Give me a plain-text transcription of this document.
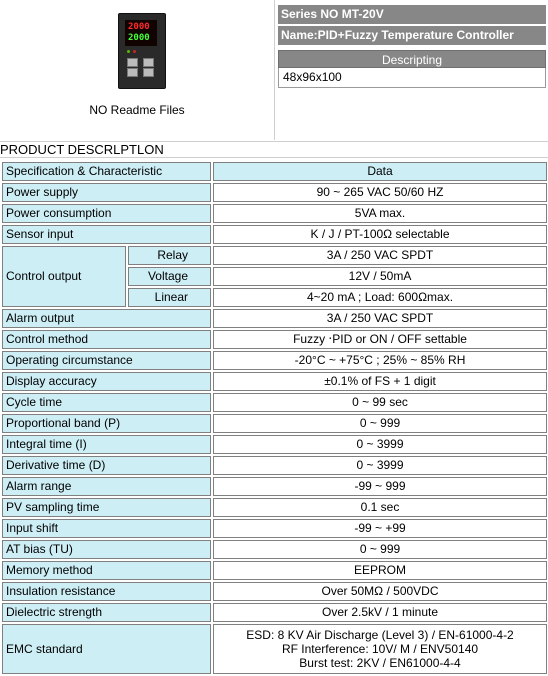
2000
2000
NO Readme Files
Series NO MT-20V
Name:PID+Fuzzy Temperature Controller
Descripting
48x96x100
PRODUCT DESCRLPTLON
Specification & Characteristic		Data
Power supply		90 ~ 265 VAC 50/60 HZ
Power consumption		5VA max.
Sensor input		K / J / PT-100Ω selectable
Control output	Relay	3A / 250 VAC SPDT
	Voltage	12V / 50mA
	Linear	4~20 mA ; Load: 600Ωmax.
Alarm output		3A / 250 VAC SPDT
Control method		Fuzzy ‧PID or ON / OFF settable
Operating circumstance		-20°C ~ +75°C ; 25% ~ 85% RH
Display accuracy		±0.1% of FS + 1 digit
Cycle time		0 ~ 99 sec
Proportional band (P)		0 ~ 999
Integral time (I)		0 ~ 3999
Derivative time (D)		0 ~ 3999
Alarm range		-99 ~ 999
PV sampling time		0.1 sec
Input shift		-99 ~ +99
AT bias (TU)		0 ~ 999
Memory method		EEPROM
Insulation resistance		Over 50MΩ / 500VDC
Dielectric strength		Over 2.5kV / 1 minute
EMC standard		ESD: 8 KV Air Discharge (Level 3) / EN-61000-4-2
RF Interference: 10V/ M / ENV50140
Burst test: 2KV / EN61000-4-4
